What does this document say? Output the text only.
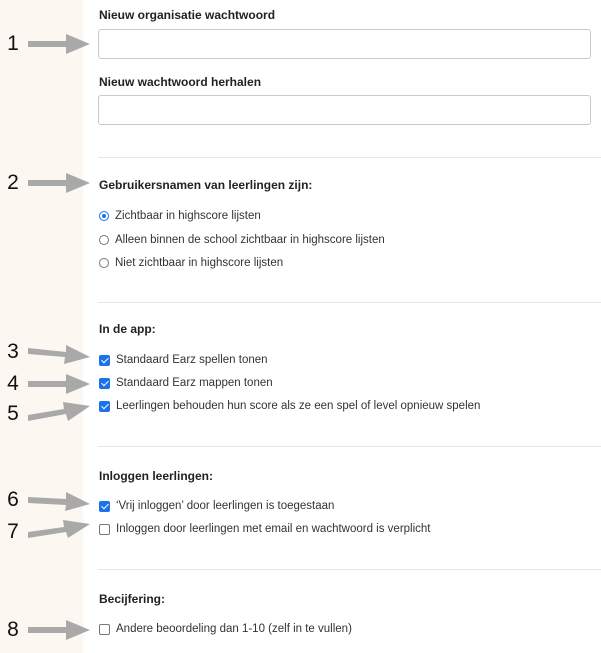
Nieuw organisatie wachtwoord
Nieuw wachtwoord herhalen
Gebruikersnamen van leerlingen zijn:
Zichtbaar in highscore lijsten
Alleen binnen de school zichtbaar in highscore lijsten
Niet zichtbaar in highscore lijsten
In de app:
Standaard Earz spellen tonen
Standaard Earz mappen tonen
Leerlingen behouden hun score als ze een spel of level opnieuw spelen
Inloggen leerlingen:
‘Vrij inloggen’ door leerlingen is toegestaan
Inloggen door leerlingen met email en wachtwoord is verplicht
Becijfering:
Andere beoordeling dan 1-10 (zelf in te vullen)
1
2
3
4
5
6
7
8
